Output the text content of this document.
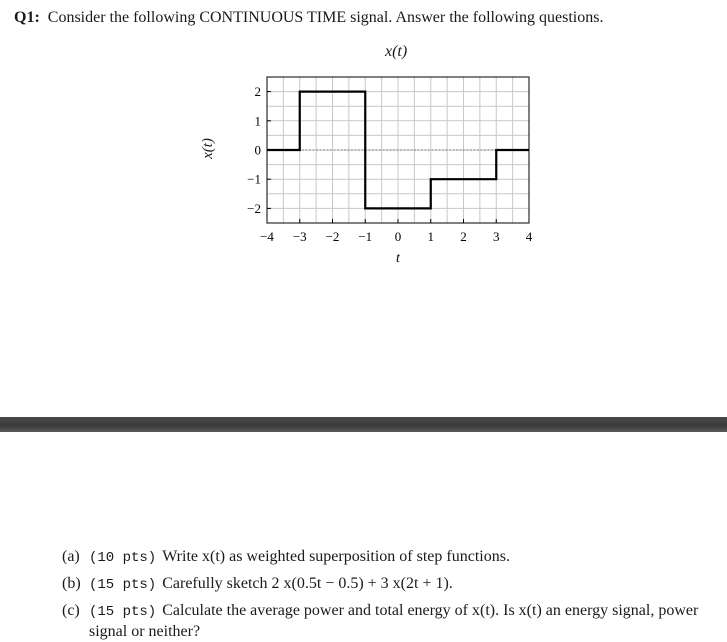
Q1: Consider the following CONTINUOUS TIME signal. Answer the following questions.
x(t)
x(t)
−4 −3 −2 −1 0 1 2 3 4
2
1
0
−1
−2
t
(a) (10 pts) Write x(t) as weighted superposition of step functions.
(b) (15 pts) Carefully sketch 2 x(0.5t − 0.5) + 3 x(2t + 1).
(c) (15 pts) Calculate the average power and total energy of x(t). Is x(t) an energy signal, power signal or neither?
